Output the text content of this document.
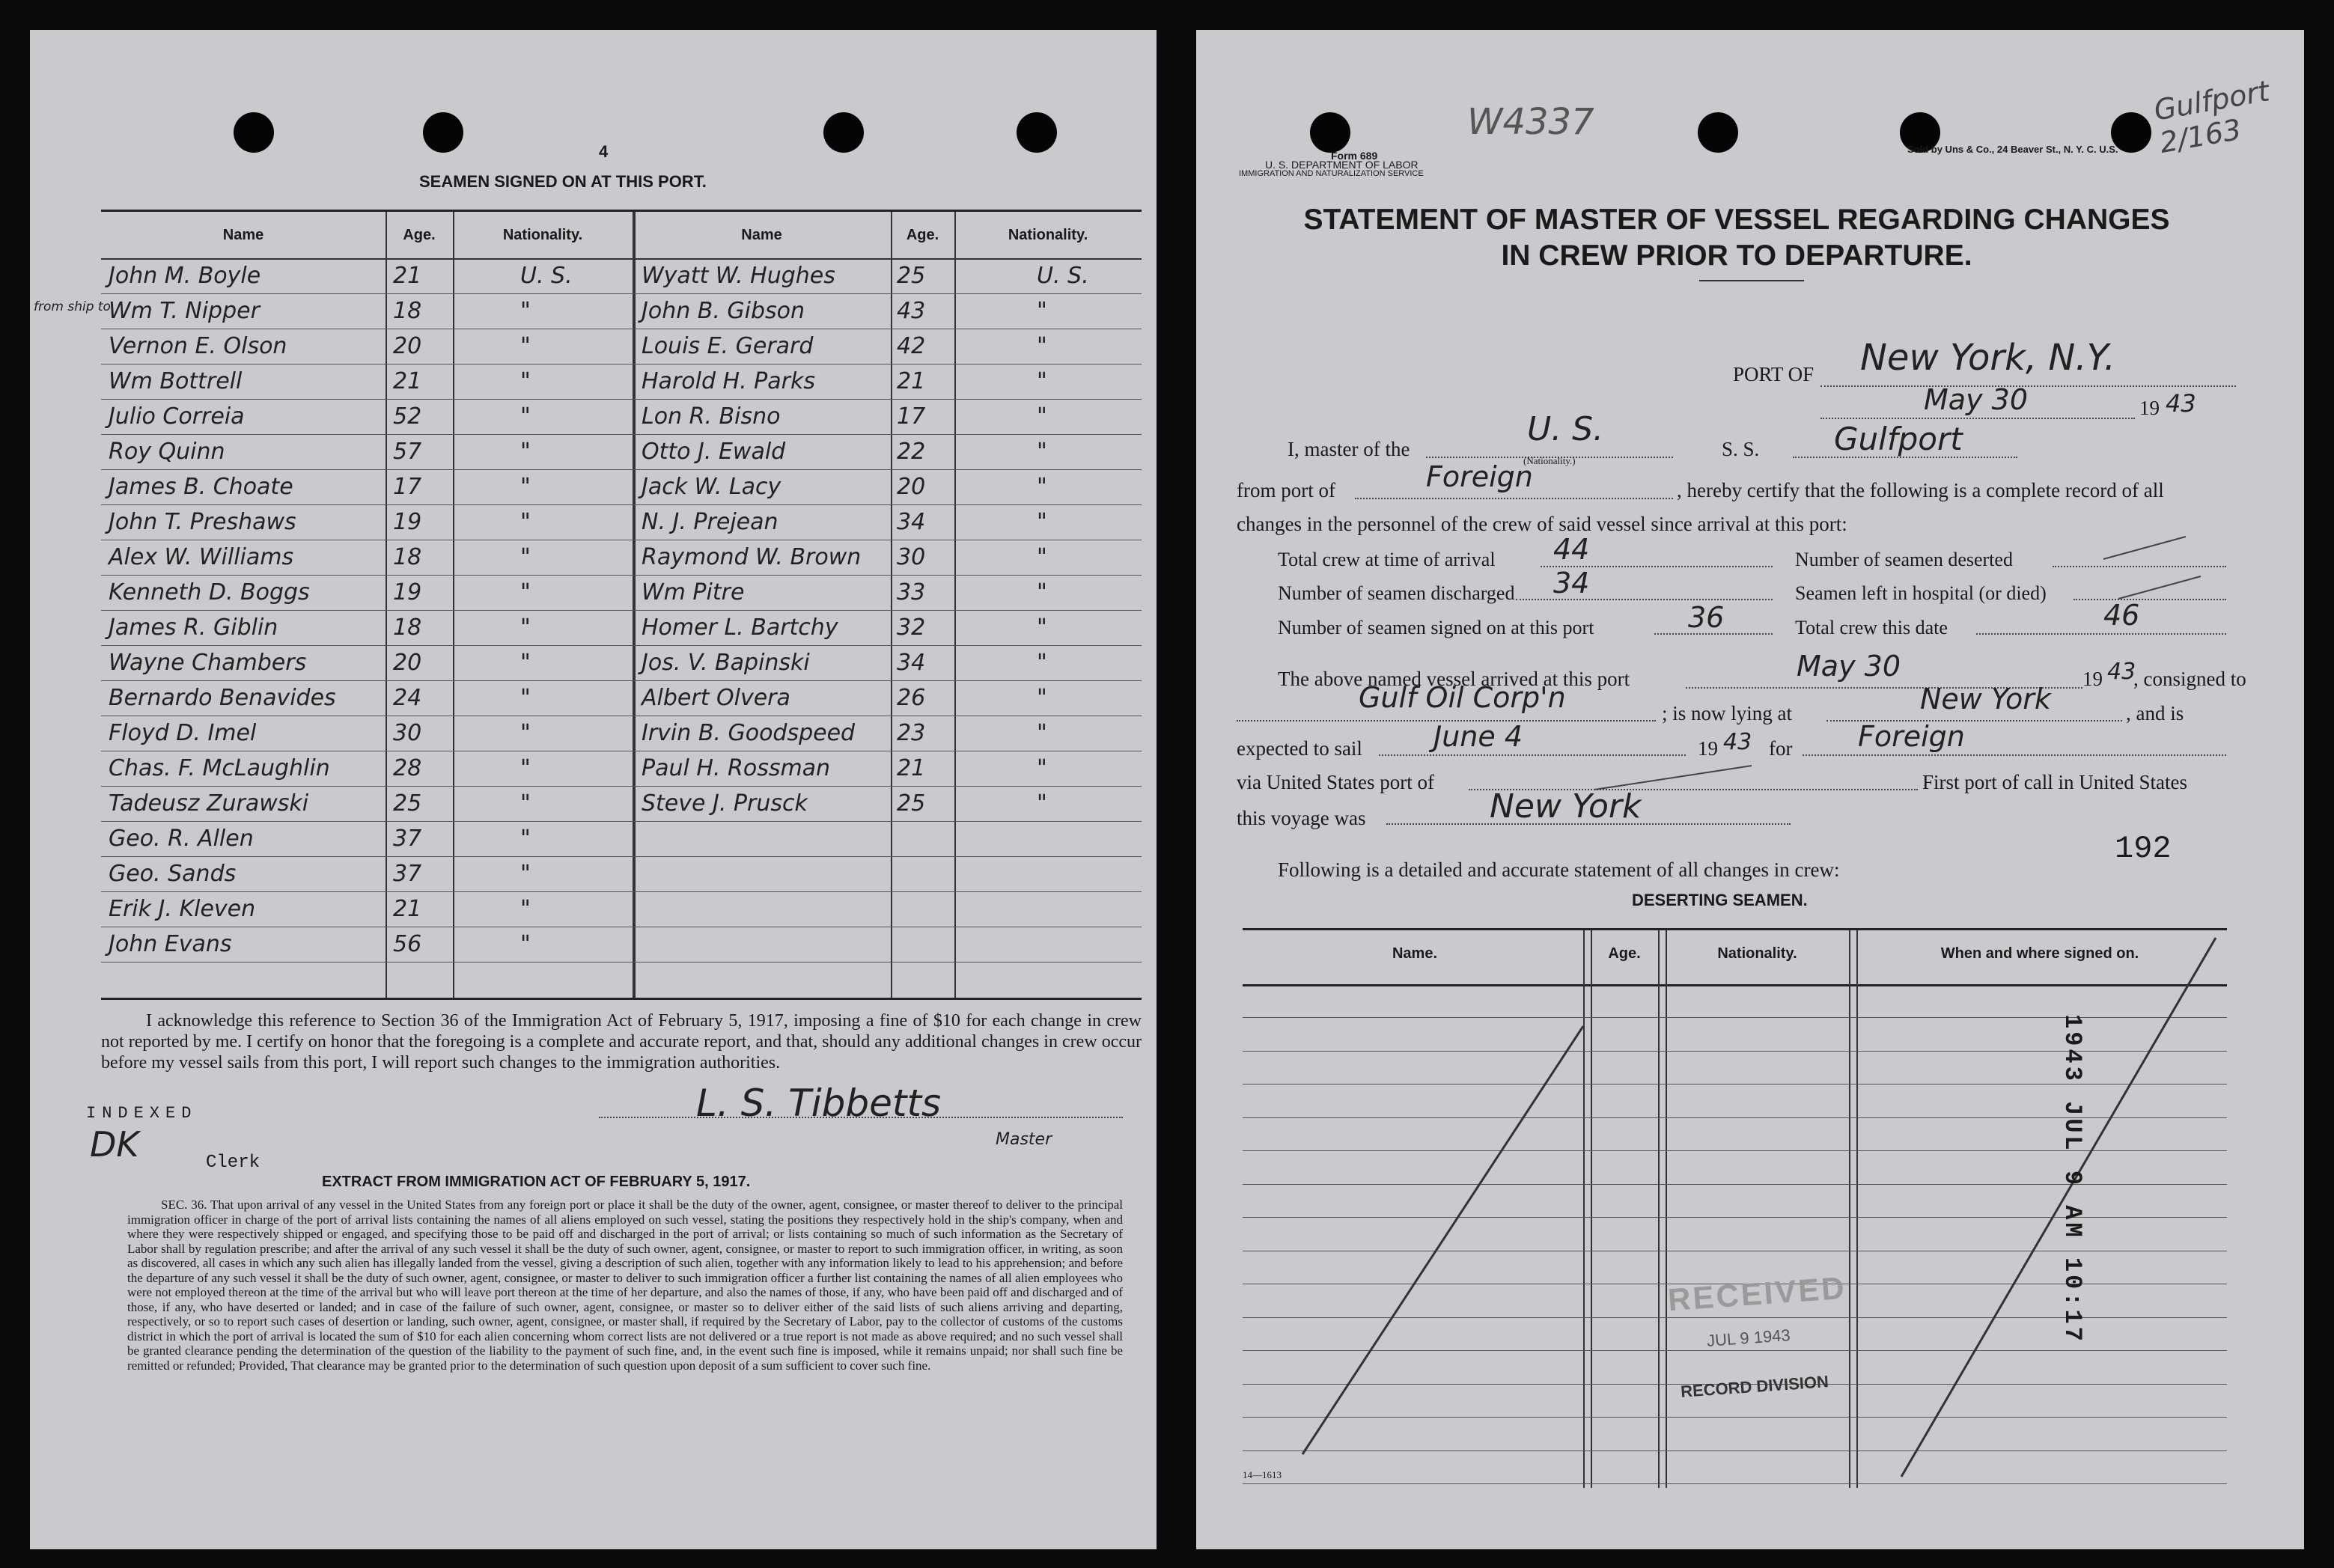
4
SEAMEN SIGNED ON AT THIS PORT.
from ship to
Name	Age.	Nationality.	Name	Age.	Nationality.
John M. Boyle	21	U. S.	Wyatt W. Hughes	25	U. S.
Wm T. Nipper	18	"	John B. Gibson	43	"
Vernon E. Olson	20	"	Louis E. Gerard	42	"
Wm Bottrell	21	"	Harold H. Parks	21	"
Julio Correia	52	"	Lon R. Bisno	17	"
Roy Quinn	57	"	Otto J. Ewald	22	"
James B. Choate	17	"	Jack W. Lacy	20	"
John T. Preshaws	19	"	N. J. Prejean	34	"
Alex W. Williams	18	"	Raymond W. Brown 30	"
Kenneth D. Boggs	19	"	Wm Pitre	33	"
James R. Giblin	18	"	Homer L. Bartchy	32	"
Wayne Chambers	20	"	Jos. V. Bapinski	34	"
Bernardo Benavides	24	"	Albert Olvera	26	"
Floyd D. Imel	30	"	Irvin B. Goodspeed 23	"
Chas. F. McLaughlin	28	"	Paul H. Rossman	21	"
Tadeusz Zurawski	25	"	Steve J. Prusck	25	"
Geo. R. Allen	37	"
Geo. Sands	37	"
Erik J. Kleven	21	"
John Evans	56	"
I acknowledge this reference to Section 36 of the Immigration Act of February 5, 1917, imposing a fine of $10 for each change in crew not reported by me. I certify on honor that the foregoing is a complete and accurate report, and that, should any additional changes in crew occur before my vessel sails from this port, I will report such changes to the immigration authorities.
INDEXED
DK	Clerk
L. S. Tibbetts
Master
EXTRACT FROM IMMIGRATION ACT OF FEBRUARY 5, 1917.
SEC. 36. That upon arrival of any vessel in the United States from any foreign port or place it shall be the duty of the owner, agent, consignee, or master thereof to deliver to the principal immigration officer in charge of the port of arrival lists containing the names of all aliens employed on such vessel, stating the positions they respectively hold in the ship's company, when and where they were respectively shipped or engaged, and specifying those to be paid off and discharged in the port of arrival; or lists containing so much of such information as the Secretary of Labor shall by regulation prescribe; and after the arrival of any such vessel it shall be the duty of such owner, agent, consignee, or master to report to such immigration officer, in writing, as soon as discovered, all cases in which any such alien has illegally landed from the vessel, giving a description of such alien, together with any information likely to lead to his apprehension; and before the departure of any such vessel it shall be the duty of such owner, agent, consignee, or master to deliver to such immigration officer a further list containing the names of all alien employees who were not employed thereon at the time of the arrival but who will leave port thereon at the time of her departure, and also the names of those, if any, who have been paid off and discharged and of those, if any, who have deserted or landed; and in case of the failure of such owner, agent, consignee, or master so to deliver either of the said lists of such aliens arriving and departing, respectively, or so to report such cases of desertion or landing, such owner, agent, consignee, or master shall, if required by the Secretary of Labor, pay to the collector of customs of the customs district in which the port of arrival is located the sum of $10 for each alien concerning whom correct lists are not delivered or a true report is not made as above required; and no such vessel shall be granted clearance pending the determination of the question of the liability to the payment of such fine, and, in the event such fine is imposed, while it remains unpaid; nor shall such fine be remitted or refunded; Provided, That clearance may be granted prior to the determination of such question upon deposit of a sum sufficient to cover such fine.
W4337	Gulfport 2/163
Form 689
U. S. DEPARTMENT OF LABOR
IMMIGRATION AND NATURALIZATION SERVICE
Sold by Uns & Co., 24 Beaver St., N. Y. C. U.S.
STATEMENT OF MASTER OF VESSEL REGARDING CHANGES
IN CREW PRIOR TO DEPARTURE.
PORT OF New York, N.Y.
May 30	19 43
I, master of the
U. S.
(Nationality.)
S. S. Gulfport
from port of	Foreign	, hereby certify that the following is a complete record of all
changes in the personnel of the crew of said vessel since arrival at this port:
Total crew at time of arrival 44
Number of seamen discharged 34
Number of seamen signed on at this port	36
Number of seamen deserted
Seamen left in hospital (or died)
Total crew this date	46
The above named vessel arrived at this port	May 30	19 43
, consigned to
Gulf Oil Corp'n	; is now lying at	New York	, and is
expected to sail	June 4	19 43 for Foreign
via United States port of	First port of call in United States
this voyage was	New York
192
Following is a detailed and accurate statement of all changes in crew:
DESERTING SEAMEN.
Name.	Age.	Nationality.	When and where signed on.
1943 JUL 9 AM 10:17
RECEIVED
JUL 9 1943
RECORD DIVISION
14—1613
